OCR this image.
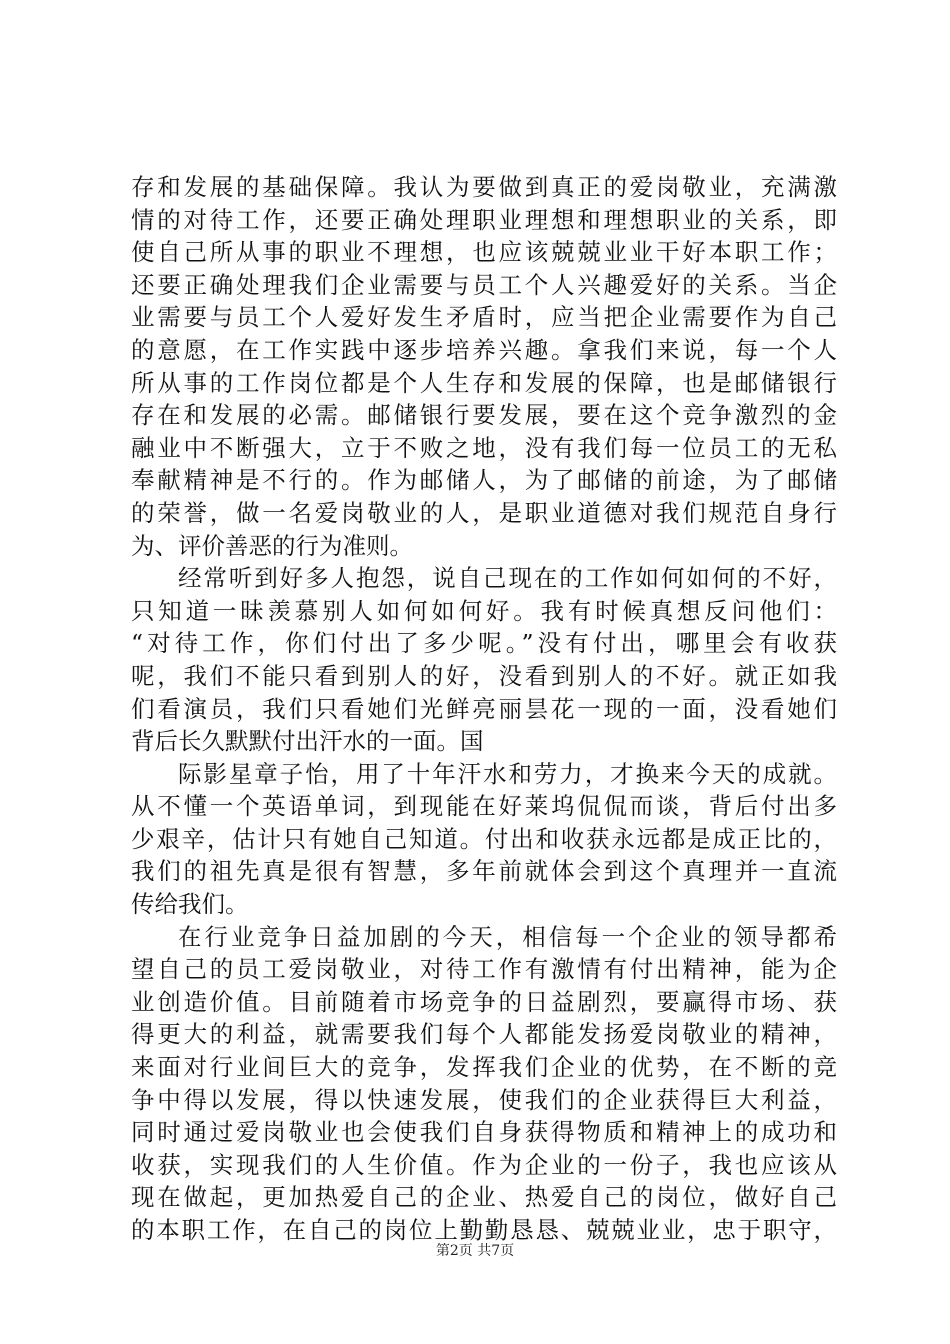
存和发展的基础保障。我认为要做到真正的爱岗敬业，充满激
情的对待工作，还要正确处理职业理想和理想职业的关系，即
使自己所从事的职业不理想，也应该兢兢业业干好本职工作；
还要正确处理我们企业需要与员工个人兴趣爱好的关系。当企
业需要与员工个人爱好发生矛盾时，应当把企业需要作为自己
的意愿，在工作实践中逐步培养兴趣。拿我们来说，每一个人
所从事的工作岗位都是个人生存和发展的保障，也是邮储银行
存在和发展的必需。邮储银行要发展，要在这个竞争激烈的金
融业中不断强大，立于不败之地，没有我们每一位员工的无私
奉献精神是不行的。作为邮储人，为了邮储的前途，为了邮储
的荣誉，做一名爱岗敬业的人，是职业道德对我们规范自身行
为、评价善恶的行为准则。
经常听到好多人抱怨，说自己现在的工作如何如何的不好，
只知道一昧羡慕别人如何如何好。我有时候真想反问他们：
“对待工作，你们付出了多少呢。”没有付出，哪里会有收获
呢，我们不能只看到别人的好，没看到别人的不好。就正如我
们看演员，我们只看她们光鲜亮丽昙花一现的一面，没看她们
背后长久默默付出汗水的一面。国
际影星章子怡，用了十年汗水和劳力，才换来今天的成就。
从不懂一个英语单词，到现能在好莱坞侃侃而谈，背后付出多
少艰辛，估计只有她自己知道。付出和收获永远都是成正比的，
我们的祖先真是很有智慧，多年前就体会到这个真理并一直流
传给我们。
在行业竞争日益加剧的今天，相信每一个企业的领导都希
望自己的员工爱岗敬业，对待工作有激情有付出精神，能为企
业创造价值。目前随着市场竞争的日益剧烈，要赢得市场、获
得更大的利益，就需要我们每个人都能发扬爱岗敬业的精神，
来面对行业间巨大的竞争，发挥我们企业的优势，在不断的竞
争中得以发展，得以快速发展，使我们的企业获得巨大利益，
同时通过爱岗敬业也会使我们自身获得物质和精神上的成功和
收获，实现我们的人生价值。作为企业的一份子，我也应该从
现在做起，更加热爱自己的企业、热爱自己的岗位，做好自己
的本职工作，在自己的岗位上勤勤恳恳、兢兢业业，忠于职守，
第2页 共7页
